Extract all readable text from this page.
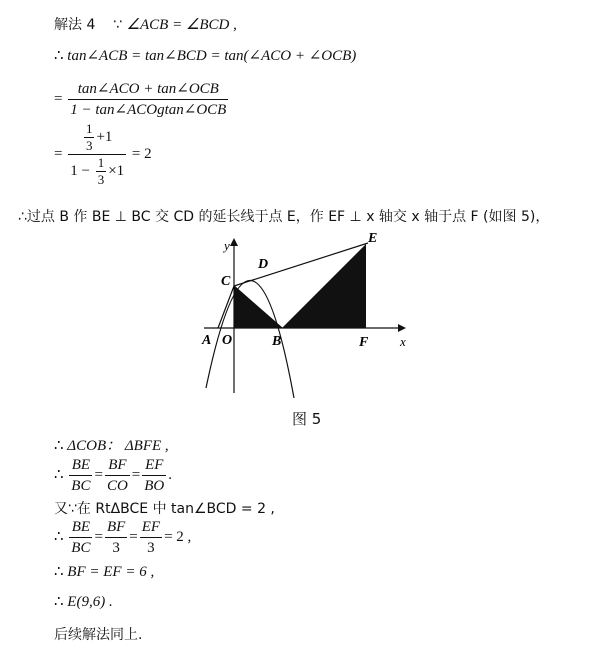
解法 4 ∵ ∠ACB = ∠BCD ,
∴ tan∠ACB = tan∠BCD = tan(∠ACO + ∠OCB)
= $\frac{\text{tan∠ACO + tan∠OCB}}{\text{1 − tan∠ACOgtan∠OCB}}$
= $\frac{\frac{1}{3} +1}{1 - \frac{1}{3} \times 1} = 2$
∴过点 B 作 BE ⊥ BC 交 CD 的延长线于点 E，作 EF ⊥ x 轴交 x 轴于点 F (如图 5)，
y
x
A O	B
C
D
E
F
图 5
∴ ΔCOB： ΔBFE ,
∴ $\frac{BE}{BC} = \frac{BF}{CO} = \frac{EF}{BO}$ .
又∵在 RtΔBCE 中 tan∠BCD = 2 ,
∴ $\frac{BE}{BC} = \frac{BF}{3} = \frac{EF}{3} = 2$ ,
∴ BF = EF = 6 ,
∴ E(9,6) .
后续解法同上.
